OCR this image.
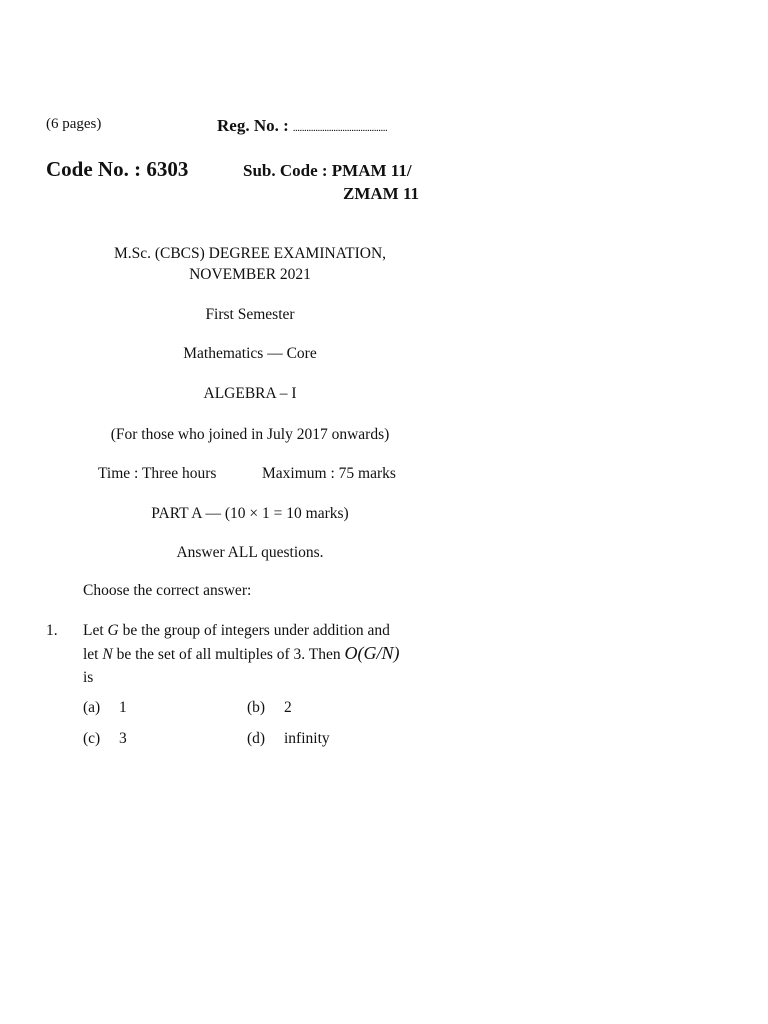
(6 pages)	Reg. No. : ..........................................
Code No. : 6303	Sub. Code : PMAM 11/
ZMAM 11
M.Sc. (CBCS) DEGREE EXAMINATION,
NOVEMBER 2021
First Semester
Mathematics — Core
ALGEBRA – I
(For those who joined in July 2017 onwards)
Time : Three hours	Maximum : 75 marks
PART A — (10 × 1 = 10 marks)
Answer ALL questions.
Choose the correct answer:
1. Let G be the group of integers under addition and
let N be the set of all multiples of 3. Then O(G/N)
is
(a) 1	(b) 2
(c) 3	(d) infinity
